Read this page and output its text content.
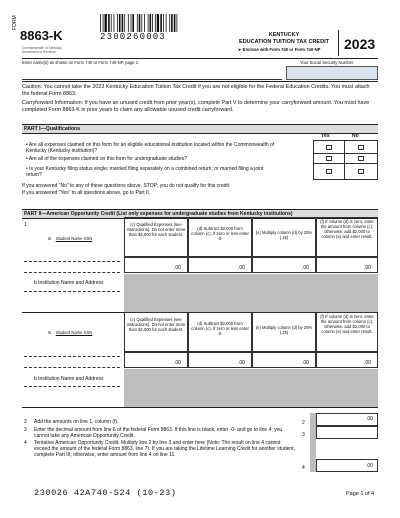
FORM
8863-K
Commonwealth of Kentucky
Department of Revenue
2300260003	KENTUCKY
EDUCATION TUITION TAX CREDIT
➤ Enclose with Form 740 or Form 740-NP 2023
Enter name(s) as shown on Form 740 or Form 740-NP, page 1.	Your Social Security Number
Caution: You cannot take the 2023 Kentucky Education Tuition Tax Credit if you are not eligible for the Federal Education Credits. You must attach the federal Form 8863.
Carryforward Information: If you have an unused credit from prior year(s), complete Part V to determine your carryforward amount. You must have completed Form 8863-K in prior years to claim any allowable unused credit carryforward.
PART I—Qualifications
Yes	No
• Are all expenses claimed on this form for an eligible educational institution located within the Commonwealth of Kentucky (Kentucky institution)?
• Are all of the expenses claimed on this form for undergraduate studies?
• Is your Kentucky filing status single; married filing separately on a combined return; or married filing a joint return?
If you answered "No" to any of these questions above, STOP; you do not qualify for this credit.
If you answered "Yes" to all questions above, go to Part II.
PART II—American Opportunity Credit (List only expenses for undergraduate studies from Kentucky institutions)
1
a	Student Name SSN
(c) Qualified Expenses (see instructions). Do not enter more than $4,000 for each student.
(d) Subtract $2,000 from column (c). If zero or less enter -0-
(e) Multiply column (d) by 25% (.25)
(f) If column (d) is zero, enter the amount from column (c); otherwise, add $2,000 to column (e) and enter result.
.00	.00	.00	.00
b Institution Name and Address
a	Student Name SSN
(c) Qualified Expenses (see instructions). Do not enter more than $4,000 for each student.
(d) Subtract $2,000 from column (c). If zero or less enter -0-
(e) Multiply column (d) by 25% (.25)
(f) If column (d) is zero, enter the amount from column (c); otherwise, add $2,000 to column (e) and enter result.
.00	.00	.00	.00
b Institution Name and Address
2 Add the amounts on line 1, column (f).	2
.00
3 Enter the decimal amount from line 6 of the federal Form 8863. If this line is blank, enter -0- and go to line 4; you cannot take any American Opportunity Credit.	3
4 Tentative American Opportunity Credit. Multiply line 2 by line 3 and enter here (Note: The result on line 4 cannot exceed the amount of the federal Form 8863, line 7). If you are taking the Lifetime Learning Credit for another student, complete Part III; otherwise, enter amount from line 4 on line 11.
4	.00
230026 42A740-S24 (10-23)	Page 1 of 4
